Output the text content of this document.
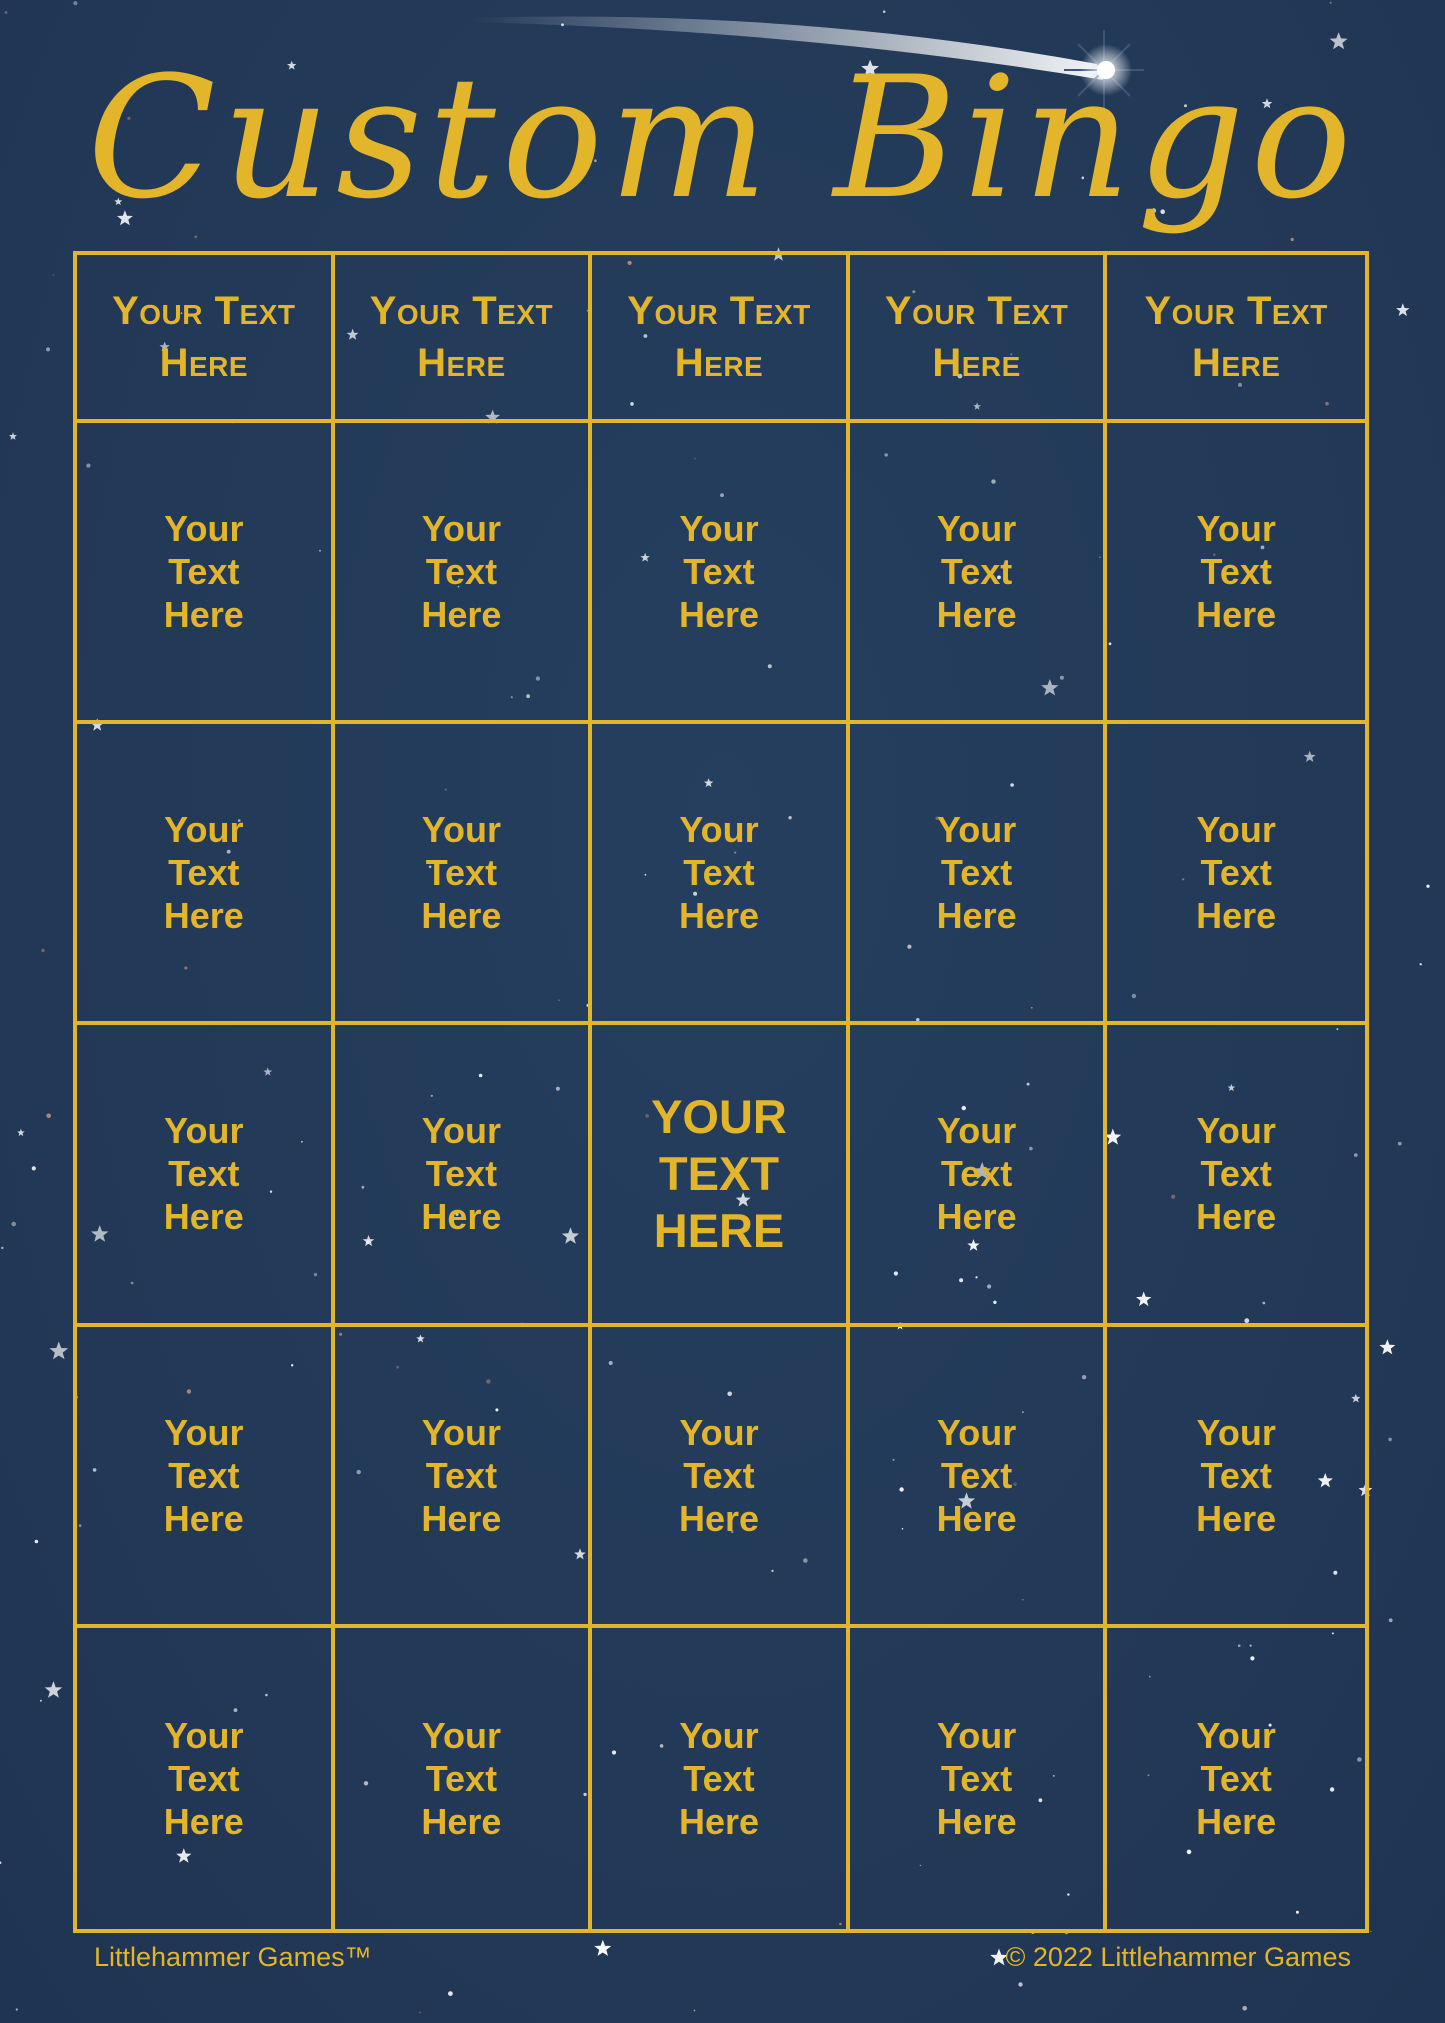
Custom Bingo
Your Text Here
Your Text Here
Your Text Here
Your Text Here
Your Text Here
Your Text Here
Your Text Here
Your Text Here
Your Text Here
Your Text Here
Your Text Here
Your Text Here
Your Text Here
Your Text Here
Your Text Here
Your Text Here
Your Text Here
YOUR TEXT HERE
Your Text Here
Your Text Here
Your Text Here
Your Text Here
Your Text Here
Your Text Here
Your Text Here
Your Text Here
Your Text Here
Your Text Here
Your Text Here
Your Text Here
Littlehammer Games™	© 2022 Littlehammer Games
